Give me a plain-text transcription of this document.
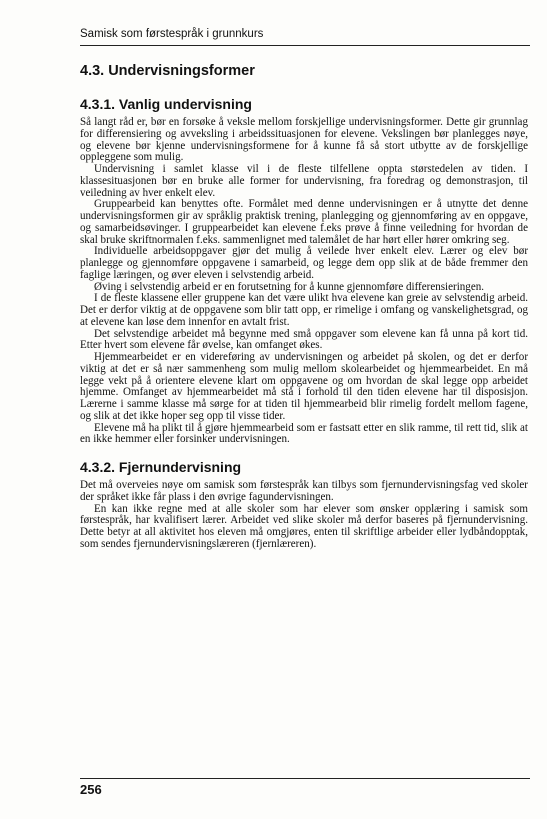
Samisk som førstespråk i grunnkurs
4.3. Undervisningsformer
4.3.1. Vanlig undervisning

Så langt råd er, bør en forsøke å veksle mellom forskjellige undervisningsformer. Dette gir grunnlag for differensiering og avveksling i arbeidssituasjonen for elevene. Vekslingen bør planlegges nøye, og elevene bør kjenne undervisningsformene for å kunne få så stort utbytte av de forskjellige oppleggene som mulig.

Undervisning i samlet klasse vil i de fleste tilfellene oppta størstedelen av tiden. I klassesituasjonen bør en bruke alle former for undervisning, fra foredrag og demonstrasjon, til veiledning av hver enkelt elev.

Gruppearbeid kan benyttes ofte. Formålet med denne undervisningen er å utnytte det denne undervisningsformen gir av språklig praktisk trening, planlegging og gjennomføring av en oppgave, og samarbeidsøvinger. I gruppearbeidet kan elevene f.eks prøve å finne veiledning for hvordan de skal bruke skriftnormalen f.eks. sammenlignet med talemålet de har hørt eller hører omkring seg.

Individuelle arbeidsoppgaver gjør det mulig å veilede hver enkelt elev. Lærer og elev bør planlegge og gjennomføre oppgavene i samarbeid, og legge dem opp slik at de både fremmer den faglige læringen, og øver eleven i selvstendig arbeid.

Øving i selvstendig arbeid er en forutsetning for å kunne gjennomføre differensieringen.

I de fleste klassene eller gruppene kan det være ulikt hva elevene kan greie av selvstendig arbeid. Det er derfor viktig at de oppgavene som blir tatt opp, er rimelige i omfang og vanskelighetsgrad, og at elevene kan løse dem innenfor en avtalt frist.

Det selvstendige arbeidet må begynne med små oppgaver som elevene kan få unna på kort tid. Etter hvert som elevene får øvelse, kan omfanget økes.

Hjemmearbeidet er en videreføring av undervisningen og arbeidet på skolen, og det er derfor viktig at det er så nær sammenheng som mulig mellom skolearbeidet og hjemmearbeidet. En må legge vekt på å orientere elevene klart om oppgavene og om hvordan de skal legge opp arbeidet hjemme. Omfanget av hjemmearbeidet må stå i forhold til den tiden elevene har til disposisjon. Lærerne i samme klasse må sørge for at tiden til hjemmearbeid blir rimelig fordelt mellom fagene, og slik at det ikke hoper seg opp til visse tider.

Elevene må ha plikt til å gjøre hjemmearbeid som er fastsatt etter en slik ramme, til rett tid, slik at en ikke hemmer eller forsinker undervisningen.

4.3.2. Fjernundervisning

Det må overveies nøye om samisk som førstespråk kan tilbys som fjernundervisningsfag ved skoler der språket ikke får plass i den øvrige fagundervisningen.

En kan ikke regne med at alle skoler som har elever som ønsker opplæring i samisk som førstespråk, har kvalifisert lærer. Arbeidet ved slike skoler må derfor baseres på fjernundervisning. Dette betyr at all aktivitet hos eleven må omgjøres, enten til skriftlige arbeider eller lydbåndopptak, som sendes fjernundervisningslæreren (fjernlæreren).

256
